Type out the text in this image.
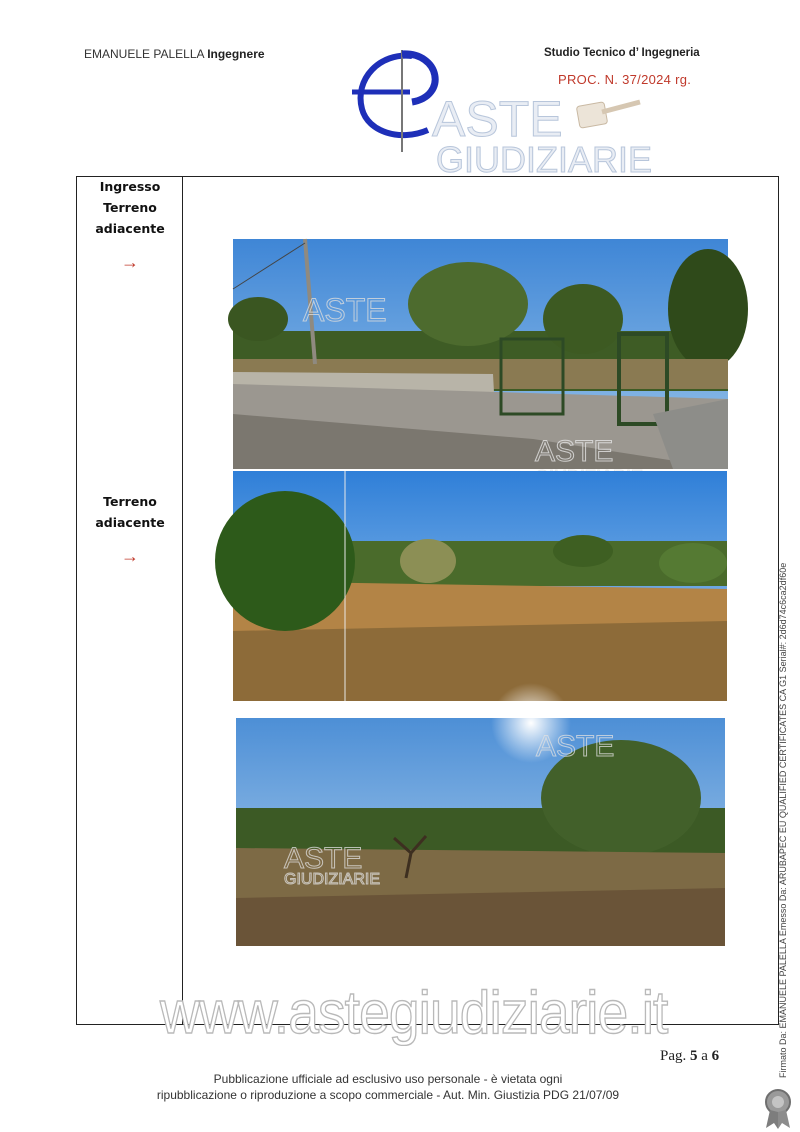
EMANUELE PALELLA Ingegnere	Studio Tecnico d’ Ingegneria
PROC. N. 37/2024 rg.
ASTE
GIUDIZIARIE
Ingresso
Terreno
adiacente
→
Terreno
adiacente
→
ASTE
ASTE
ASTE
ASTE
GIUDIZIARIE
www.astegiudiziarie.it
Pag. 5 a 6
Pubblicazione ufficiale ad esclusivo uso personale - è vietata ogni
ripubblicazione o riproduzione a scopo commerciale - Aut. Min. Giustizia PDG 21/07/09
Firmato Da: EMANUELE PALELLA Emesso Da: ARUBAPEC EU QUALIFIED CERTIFICATES CA G1 Serial#: 2d6d74c6ca2df60e
